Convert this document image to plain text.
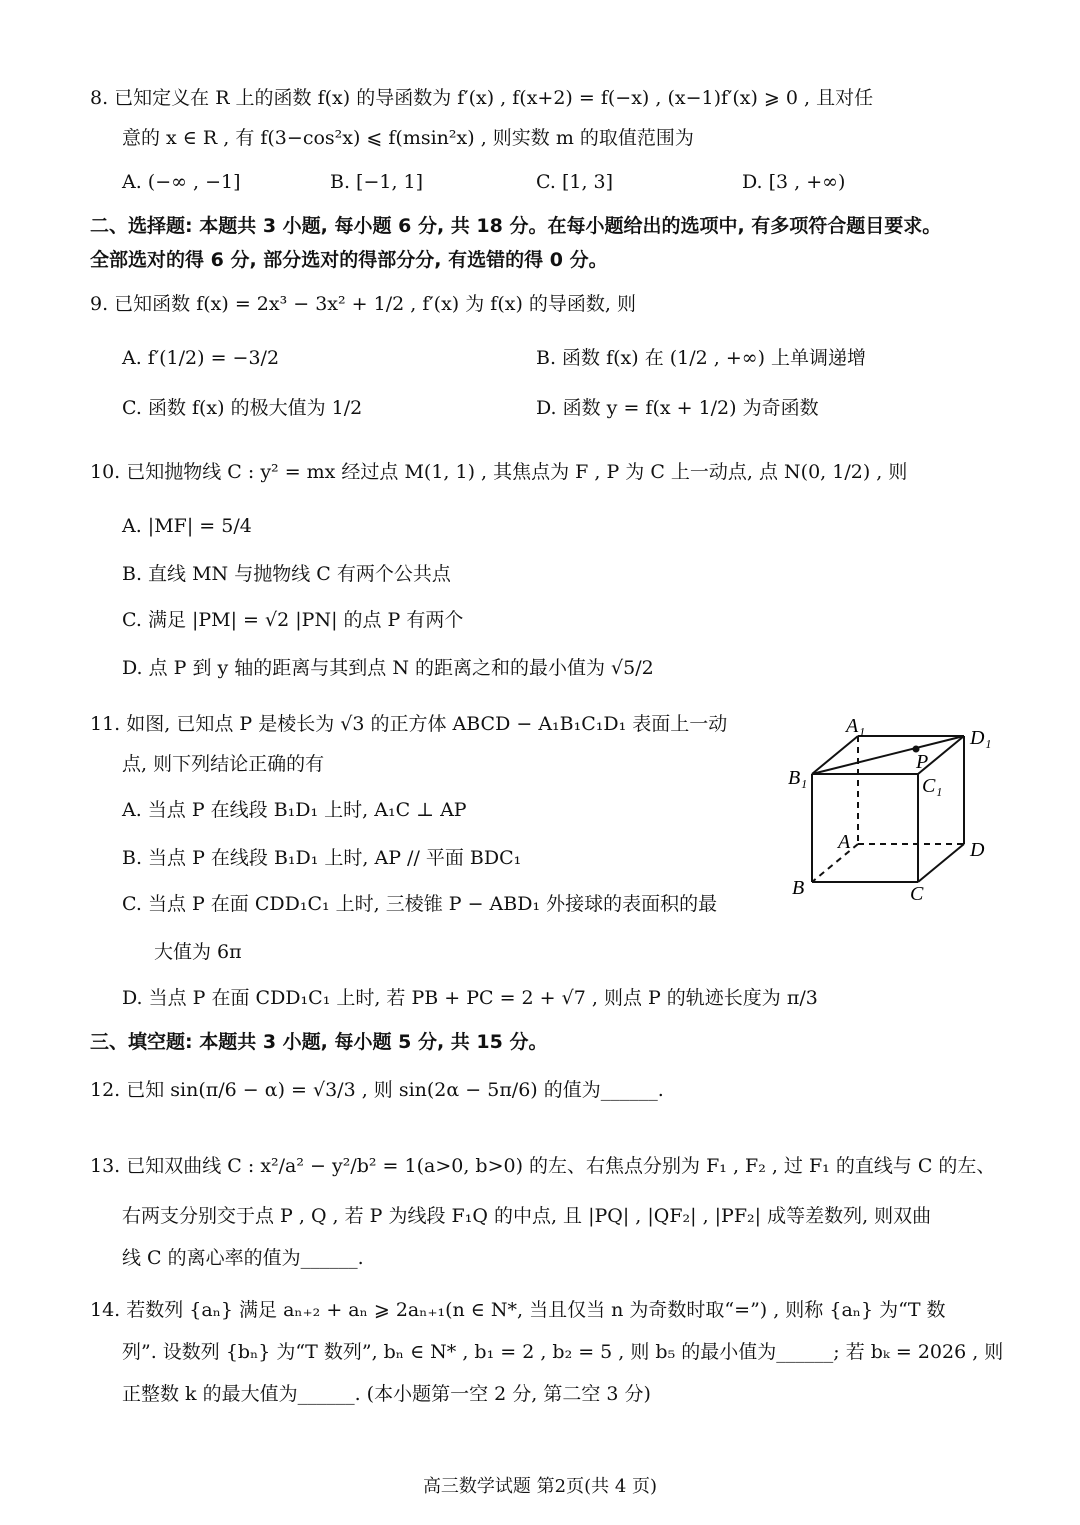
8. 已知定义在 R 上的函数 f(x) 的导函数为 f′(x) , f(x+2) = f(−x) , (x−1)f′(x) ⩾ 0 , 且对任
意的 x ∈ R , 有 f(3−cos²x) ⩽ f(msin²x) , 则实数 m 的取值范围为
A. (−∞ , −1]	B. [−1, 1]	C. [1, 3]	D. [3 , +∞)
二、选择题: 本题共 3 小题, 每小题 6 分, 共 18 分。在每小题给出的选项中, 有多项符合题目要求。
全部选对的得 6 分, 部分选对的得部分分, 有选错的得 0 分。
9. 已知函数 f(x) = 2x³ − 3x² + 1/2 , f′(x) 为 f(x) 的导函数, 则
A. f′(1/2) = −3/2	B. 函数 f(x) 在 (1/2 , +∞) 上单调递增
C. 函数 f(x) 的极大值为 1/2	D. 函数 y = f(x + 1/2) 为奇函数
10. 已知抛物线 C : y² = mx 经过点 M(1, 1) , 其焦点为 F , P 为 C 上一动点, 点 N(0, 1/2) , 则
A. |MF| = 5/4
B. 直线 MN 与抛物线 C 有两个公共点
C. 满足 |PM| = √2 |PN| 的点 P 有两个
D. 点 P 到 y 轴的距离与其到点 N 的距离之和的最小值为 √5/2
11. 如图, 已知点 P 是棱长为 √3 的正方体 ABCD − A₁B₁C₁D₁ 表面上一动
点, 则下列结论正确的有
A. 当点 P 在线段 B₁D₁ 上时, A₁C ⊥ AP
B. 当点 P 在线段 B₁D₁ 上时, AP // 平面 BDC₁
C. 当点 P 在面 CDD₁C₁ 上时, 三棱锥 P − ABD₁ 外接球的表面积的最
大值为 6π
D. 当点 P 在面 CDD₁C₁ 上时, 若 PB + PC = 2 + √7 , 则点 P 的轨迹长度为 π/3
A₁
D₁
B₁	C₁
P
A	D
B	C
三、填空题: 本题共 3 小题, 每小题 5 分, 共 15 分。
12. 已知 sin(π/6 − α) = √3/3 , 则 sin(2α − 5π/6) 的值为______.
13. 已知双曲线 C : x²/a² − y²/b² = 1(a>0, b>0) 的左、右焦点分别为 F₁ , F₂ , 过 F₁ 的直线与 C 的左、
右两支分别交于点 P , Q , 若 P 为线段 F₁Q 的中点, 且 |PQ| , |QF₂| , |PF₂| 成等差数列, 则双曲
线 C 的离心率的值为______.
14. 若数列 {aₙ} 满足 aₙ₊₂ + aₙ ⩾ 2aₙ₊₁(n ∈ N*, 当且仅当 n 为奇数时取“=”) , 则称 {aₙ} 为“T 数
列”. 设数列 {bₙ} 为“T 数列”, bₙ ∈ N* , b₁ = 2 , b₂ = 5 , 则 b₅ 的最小值为______; 若 bₖ = 2026 , 则
正整数 k 的最大值为______. (本小题第一空 2 分, 第二空 3 分)
高三数学试题 第2页(共 4 页)
